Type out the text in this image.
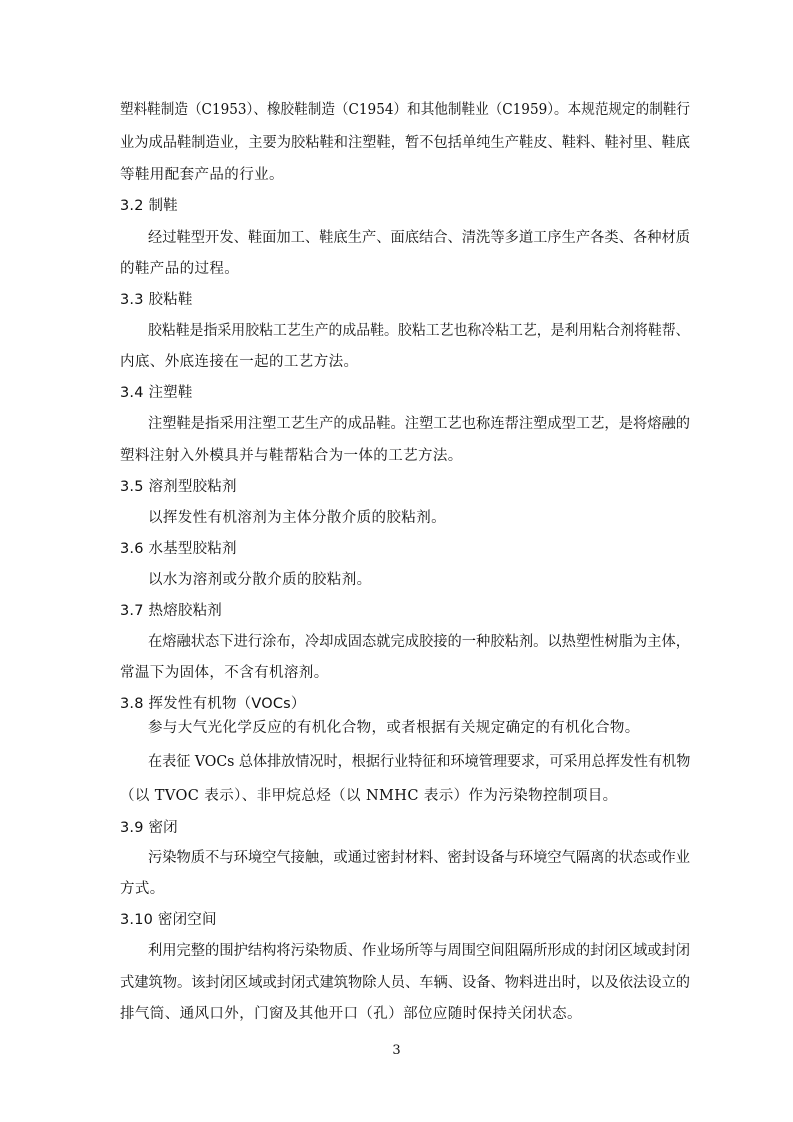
塑料鞋制造（C1953）、橡胶鞋制造（C1954）和其他制鞋业（C1959）。本规范规定的制鞋行
业为成品鞋制造业，主要为胶粘鞋和注塑鞋，暂不包括单纯生产鞋皮、鞋料、鞋衬里、鞋底
等鞋用配套产品的行业。
3.2 制鞋
经过鞋型开发、鞋面加工、鞋底生产、面底结合、清洗等多道工序生产各类、各种材质
的鞋产品的过程。
3.3 胶粘鞋
胶粘鞋是指采用胶粘工艺生产的成品鞋。胶粘工艺也称冷粘工艺，是利用粘合剂将鞋帮、
内底、外底连接在一起的工艺方法。
3.4 注塑鞋
注塑鞋是指采用注塑工艺生产的成品鞋。注塑工艺也称连帮注塑成型工艺，是将熔融的
塑料注射入外模具并与鞋帮粘合为一体的工艺方法。
3.5 溶剂型胶粘剂
以挥发性有机溶剂为主体分散介质的胶粘剂。
3.6 水基型胶粘剂
以水为溶剂或分散介质的胶粘剂。
3.7 热熔胶粘剂
在熔融状态下进行涂布，冷却成固态就完成胶接的一种胶粘剂。以热塑性树脂为主体，
常温下为固体，不含有机溶剂。
3.8 挥发性有机物（VOCs）
参与大气光化学反应的有机化合物，或者根据有关规定确定的有机化合物。
在表征 VOCs 总体排放情况时，根据行业特征和环境管理要求，可采用总挥发性有机物
（以 TVOC 表示）、非甲烷总烃（以 NMHC 表示）作为污染物控制项目。
3.9 密闭
污染物质不与环境空气接触，或通过密封材料、密封设备与环境空气隔离的状态或作业
方式。
3.10 密闭空间
利用完整的围护结构将污染物质、作业场所等与周围空间阻隔所形成的封闭区域或封闭
式建筑物。该封闭区域或封闭式建筑物除人员、车辆、设备、物料进出时，以及依法设立的
排气筒、通风口外，门窗及其他开口（孔）部位应随时保持关闭状态。
3
